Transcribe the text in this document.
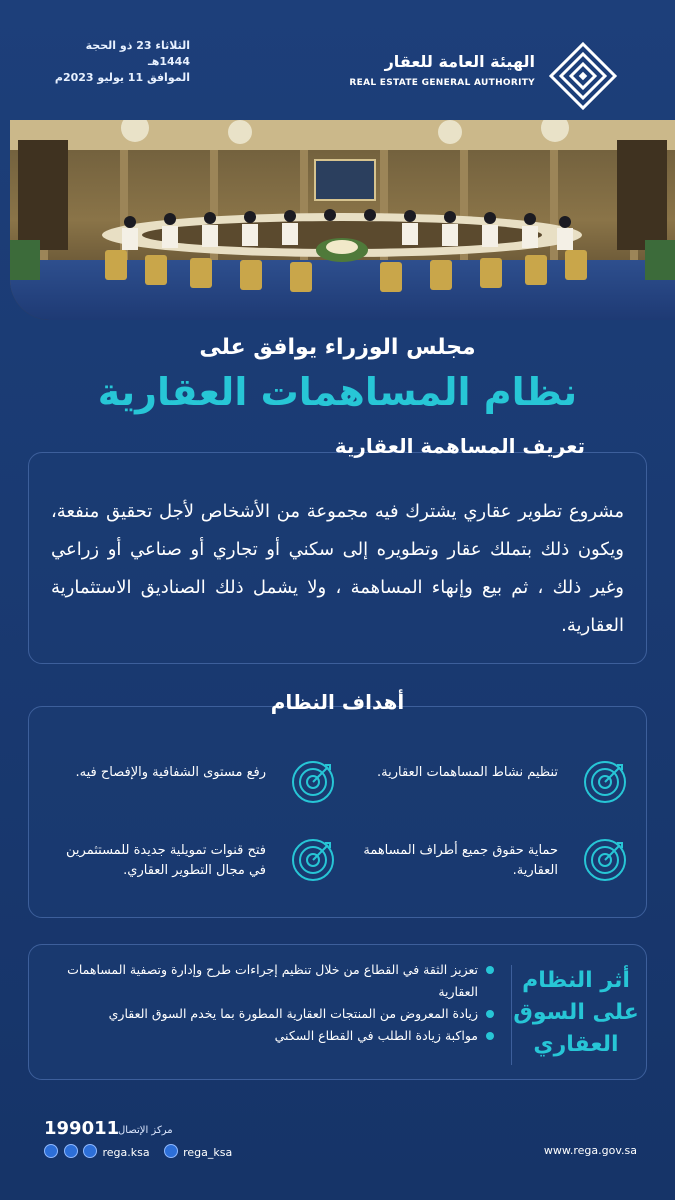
الثلاثاء 23 ذو الحجة 1444هـ
الموافق 11 يوليو 2023م
الهيئة العامة للعقار
REAL ESTATE GENERAL AUTHORITY
مجلس الوزراء يوافق على
نظام المساهمات العقارية
مشروع تطوير عقاري يشترك فيه مجموعة من الأشخاص لأجل تحقيق منفعة، ويكون ذلك بتملك عقار وتطويره إلى سكني أو تجاري أو صناعي أو زراعي وغير ذلك ، ثم بيع وإنهاء المساهمة ، ولا يشمل ذلك الصناديق الاستثمارية العقارية.
تعريف المساهمة العقارية
تنظيم نشاط المساهمات العقارية.
رفع مستوى الشفافية والإفصاح فيه.
حماية حقوق جميع أطراف المساهمة العقارية.
فتح قنوات تمويلية جديدة للمستثمرين في مجال التطوير العقاري.
أهداف النظام
تعزيز الثقة في القطاع من خلال تنظيم إجراءات طرح وإدارة وتصفية المساهمات العقارية
زيادة المعروض من المنتجات العقارية المطورة بما يخدم السوق العقاري
مواكبة زيادة الطلب في القطاع السكني
أثر النظام على السوق العقاري
199011
مركز الإتصال
rega.ksa	rega_ksa	www.rega.gov.sa
